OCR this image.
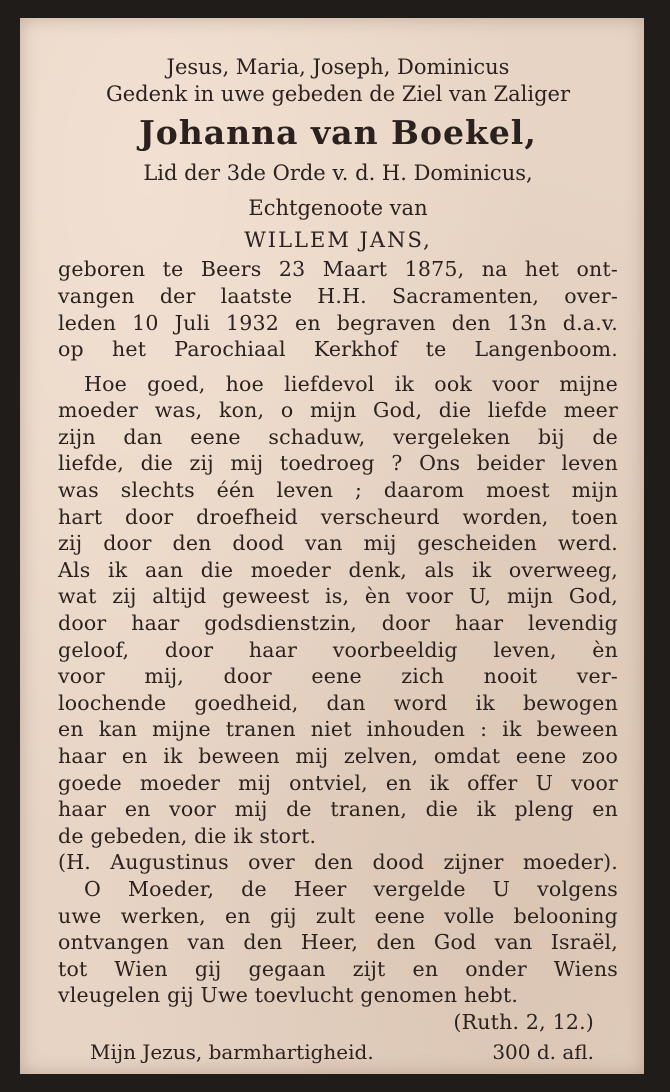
Jesus, Maria, Joseph, Dominicus
Gedenk in uwe gebeden de Ziel van Zaliger
Johanna van Boekel,
Lid der 3de Orde v. d. H. Dominicus,
Echtgenoote van
WILLEM JANS,
geboren te Beers 23 Maart 1875, na het ont-
vangen der laatste H.H. Sacramenten, over-
leden 10 Juli 1932 en begraven den 13n d.a.v.
op het Parochiaal Kerkhof te Langenboom.
Hoe goed, hoe liefdevol ik ook voor mijne
moeder was, kon, o mijn God, die liefde meer
zijn dan eene schaduw, vergeleken bij de
liefde, die zij mij toedroeg ? Ons beider leven
was slechts één leven ; daarom moest mijn
hart door droefheid verscheurd worden, toen
zij door den dood van mij gescheiden werd.
Als ik aan die moeder denk, als ik overweeg,
wat zij altijd geweest is, èn voor U, mijn God,
door haar godsdienstzin, door haar levendig
geloof, door haar voorbeeldig leven, èn
voor mij, door eene zich nooit ver-
loochende goedheid, dan word ik bewogen
en kan mijne tranen niet inhouden : ik beween
haar en ik beween mij zelven, omdat eene zoo
goede moeder mij ontviel, en ik offer U voor
haar en voor mij de tranen, die ik pleng en
de gebeden, die ik stort.
(H. Augustinus over den dood zijner moeder).
O Moeder, de Heer vergelde U volgens
uwe werken, en gij zult eene volle belooning
ontvangen van den Heer, den God van Israël,
tot Wien gij gegaan zijt en onder Wiens
vleugelen gij Uwe toevlucht genomen hebt.
(Ruth. 2, 12.)
Mijn Jezus, barmhartigheid.	300 d. afl.
